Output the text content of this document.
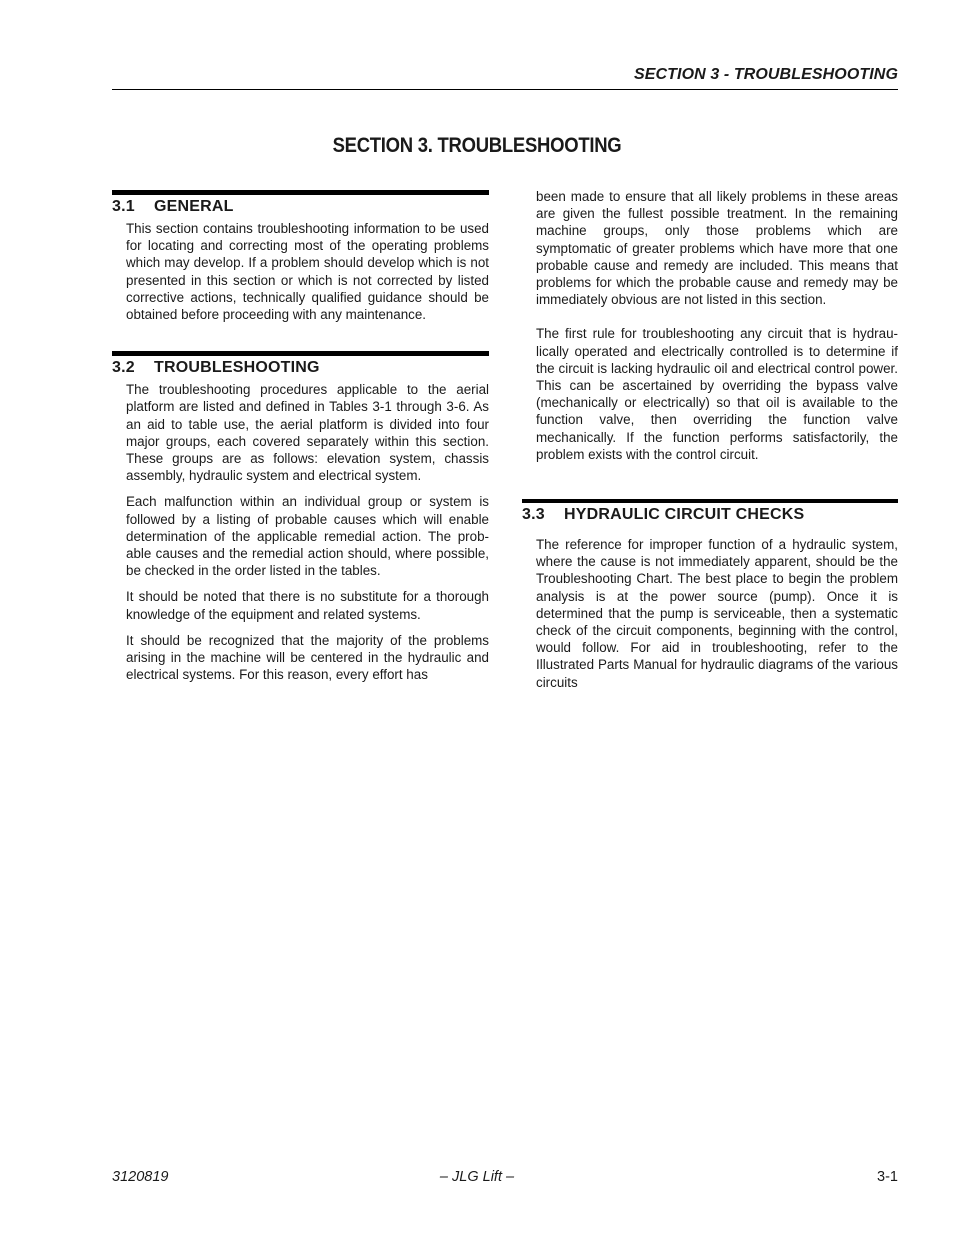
SECTION 3 - TROUBLESHOOTING
SECTION 3. TROUBLESHOOTING
3.1	GENERAL

This section contains troubleshooting information to be used for locating and correcting most of the operating problems which may develop. If a problem should develop which is not presented in this section or which is not corrected by listed corrective actions, technically qualified guidance should be obtained before proceeding with any maintenance.

3.2	TROUBLESHOOTING

The troubleshooting procedures applicable to the aerial platform are listed and defined in Tables 3-1 through 3-6. As an aid to table use, the aerial platform is divided into four major groups, each covered separately within this section. These groups are as follows: elevation system, chassis assembly, hydraulic system and electrical system.

Each malfunction within an individual group or system is followed by a listing of probable causes which will enable determination of the applicable remedial action. The probable causes and the remedial action should, where possible, be checked in the order listed in the tables.

It should be noted that there is no substitute for a thorough knowledge of the equipment and related systems.

It should be recognized that the majority of the problems arising in the machine will be centered in the hydraulic and electrical systems. For this reason, every effort has

been made to ensure that all likely problems in these areas are given the fullest possible treatment. In the remaining machine groups, only those problems which are symptomatic of greater problems which have more that one probable cause and remedy are included. This means that problems for which the probable cause and remedy may be immediately obvious are not listed in this section.

The first rule for troubleshooting any circuit that is hydraulically operated and electrically controlled is to determine if the circuit is lacking hydraulic oil and electrical control power. This can be ascertained by overriding the bypass valve (mechanically or electrically) so that oil is available to the function valve, then overriding the function valve mechanically. If the function performs satisfactorily, the problem exists with the control circuit.

3.3	HYDRAULIC CIRCUIT CHECKS

The reference for improper function of a hydraulic system, where the cause is not immediately apparent, should be the Troubleshooting Chart. The best place to begin the problem analysis is at the power source (pump). Once it is determined that the pump is serviceable, then a systematic check of the circuit components, beginning with the control, would follow. For aid in troubleshooting, refer to the Illustrated Parts Manual for hydraulic diagrams of the various circuits

3120819	– JLG Lift –	3-1
